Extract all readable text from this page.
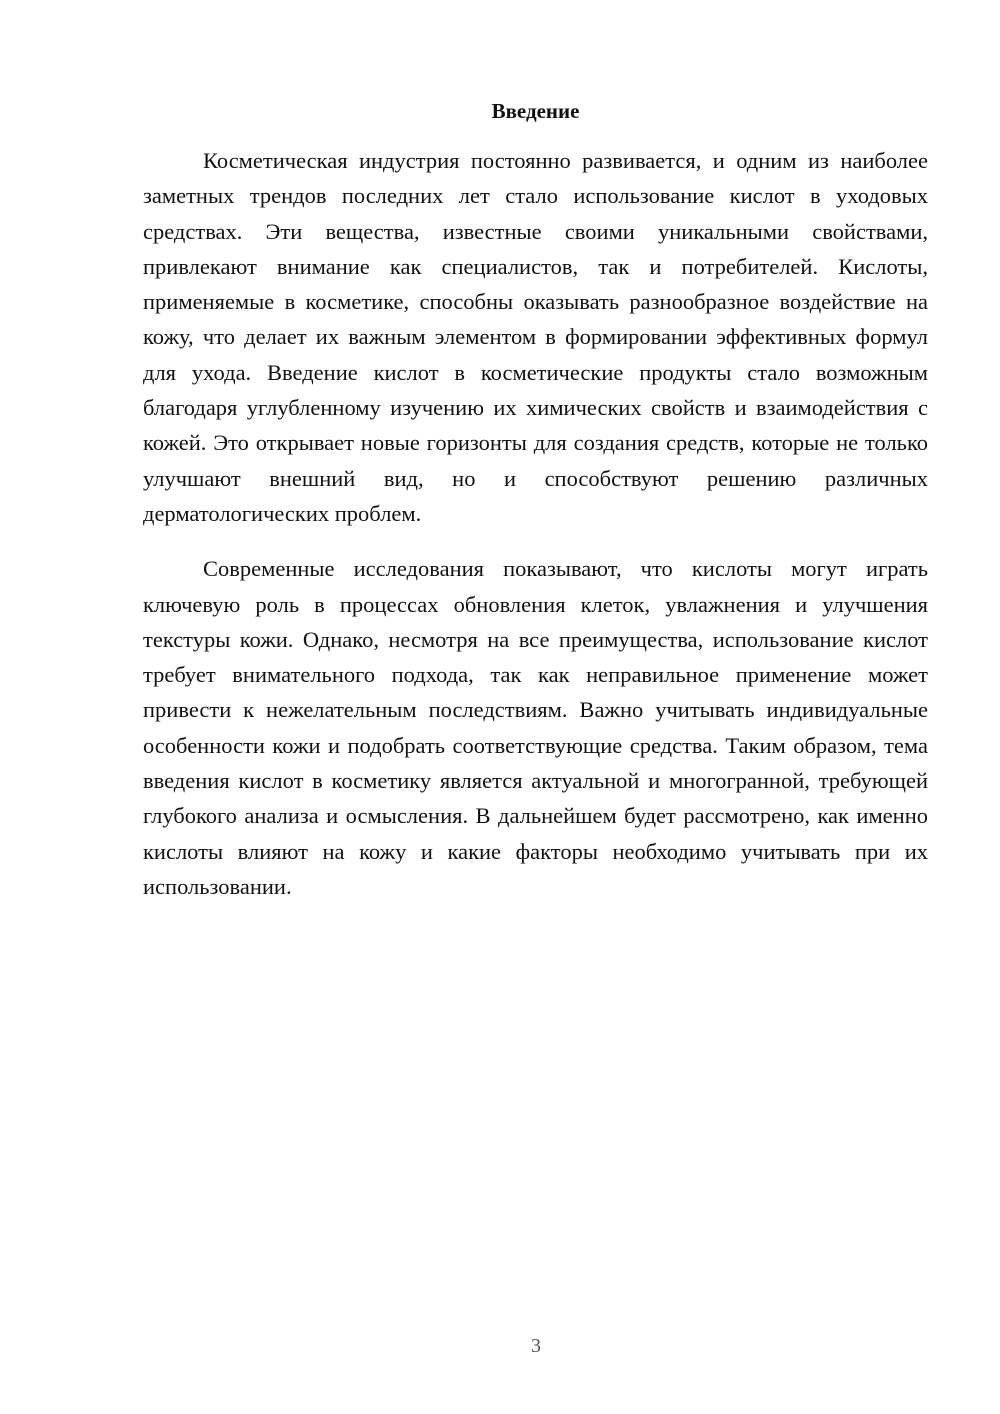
Введение

Косметическая индустрия постоянно развивается, и одним из наиболее заметных трендов последних лет стало использование кислот в уходовых средствах. Эти вещества, известные своими уникальными свойствами, привлекают внимание как специалистов, так и потребителей. Кислоты, применяемые в косметике, способны оказывать разнообразное воздействие на кожу, что делает их важным элементом в формировании эффективных формул для ухода. Введение кислот в косметические продукты стало возможным благодаря углубленному изучению их химических свойств и взаимодействия с кожей. Это открывает новые горизонты для создания средств, которые не только улучшают внешний вид, но и способствуют решению различных дерматологических проблем.

Современные исследования показывают, что кислоты могут играть ключевую роль в процессах обновления клеток, увлажнения и улучшения текстуры кожи. Однако, несмотря на все преимущества, использование кислот требует внимательного подхода, так как неправильное применение может привести к нежелательным последствиям. Важно учитывать индивидуальные особенности кожи и подобрать соответствующие средства. Таким образом, тема введения кислот в косметику является актуальной и многогранной, требующей глубокого анализа и осмысления. В дальнейшем будет рассмотрено, как именно кислоты влияют на кожу и какие факторы необходимо учитывать при их использовании.

3
